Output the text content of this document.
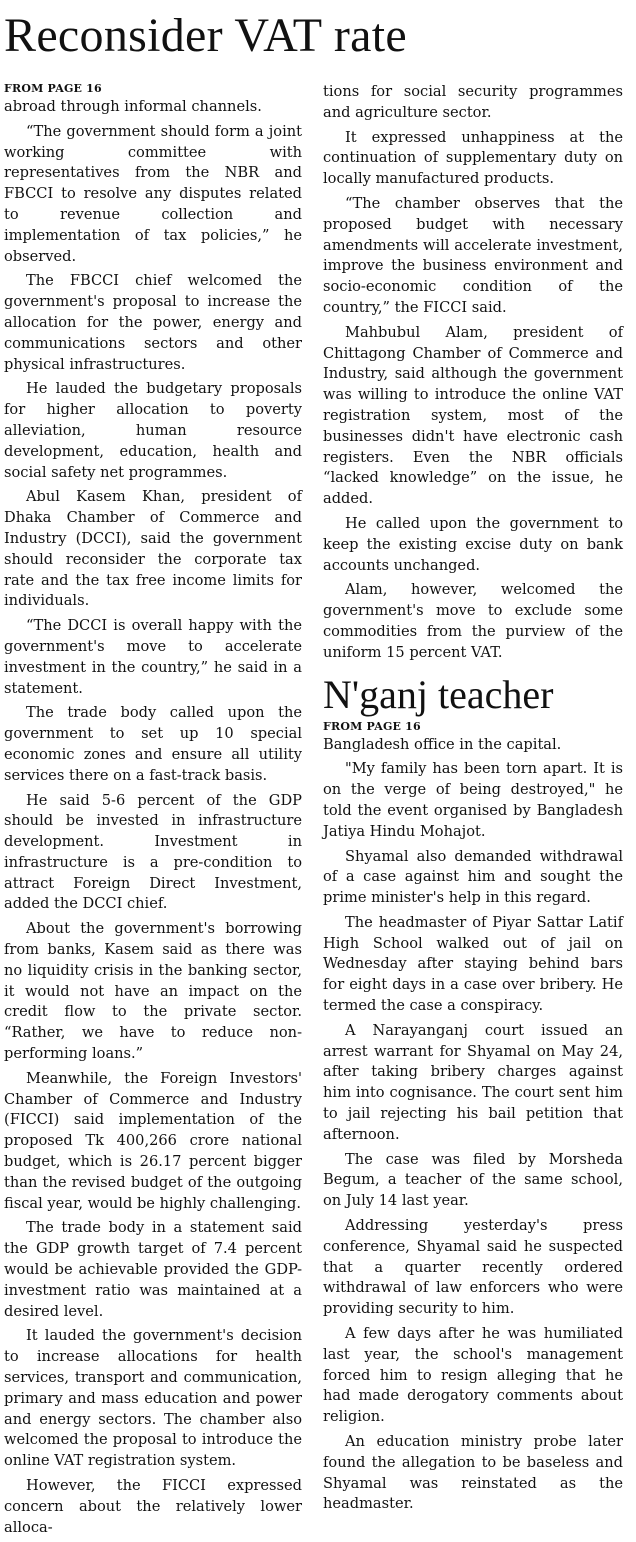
Reconsider VAT rate
FROM PAGE 16

abroad through informal channels.

“The government should form a joint working committee with representatives from the NBR and FBCCI to resolve any disputes related to revenue collection and implementation of tax policies,” he observed.

The FBCCI chief welcomed the government's proposal to increase the allocation for the power, energy and communications sectors and other physical infrastructures.

He lauded the budgetary proposals for higher allocation to poverty alleviation, human resource development, education, health and social safety net programmes.

Abul Kasem Khan, president of Dhaka Chamber of Commerce and Industry (DCCI), said the government should reconsider the corporate tax rate and the tax free income limits for individuals.

“The DCCI is overall happy with the government's move to accelerate investment in the country,” he said in a statement.

The trade body called upon the government to set up 10 special economic zones and ensure all utility services there on a fast-track basis.

He said 5-6 percent of the GDP should be invested in infrastructure development. Investment in infrastructure is a pre-condition to attract Foreign Direct Investment, added the DCCI chief.

About the government's borrowing from banks, Kasem said as there was no liquidity crisis in the banking sector, it would not have an impact on the credit flow to the private sector. “Rather, we have to reduce non-performing loans.”

Meanwhile, the Foreign Investors' Chamber of Commerce and Industry (FICCI) said implementation of the proposed Tk 400,266 crore national budget, which is 26.17 percent bigger than the revised budget of the outgoing fiscal year, would be highly challenging.

The trade body in a statement said the GDP growth target of 7.4 percent would be achievable provided the GDP-investment ratio was maintained at a desired level.

It lauded the government's decision to increase allocations for health services, transport and communication, primary and mass education and power and energy sectors. The chamber also welcomed the proposal to introduce the online VAT registration system.

However, the FICCI expressed concern about the relatively lower alloca-

tions for social security programmes and agriculture sector.

It expressed unhappiness at the continuation of supplementary duty on locally manufactured products.

“The chamber observes that the proposed budget with necessary amendments will accelerate investment, improve the business environment and socio-economic condition of the country,” the FICCI said.

Mahbubul Alam, president of Chittagong Chamber of Commerce and Industry, said although the government was willing to introduce the online VAT registration system, most of the businesses didn't have electronic cash registers. Even the NBR officials “lacked knowledge” on the issue, he added.

He called upon the government to keep the existing excise duty on bank accounts unchanged.

Alam, however, welcomed the government's move to exclude some commodities from the purview of the uniform 15 percent VAT.

N'ganj teacher
FROM PAGE 16

Bangladesh office in the capital.

"My family has been torn apart. It is on the verge of being destroyed," he told the event organised by Bangladesh Jatiya Hindu Mohajot.

Shyamal also demanded withdrawal of a case against him and sought the prime minister's help in this regard.

The headmaster of Piyar Sattar Latif High School walked out of jail on Wednesday after staying behind bars for eight days in a case over bribery. He termed the case a conspiracy.

A Narayanganj court issued an arrest warrant for Shyamal on May 24, after taking bribery charges against him into cognisance. The court sent him to jail rejecting his bail petition that afternoon.

The case was filed by Morsheda Begum, a teacher of the same school, on July 14 last year.

Addressing yesterday's press conference, Shyamal said he suspected that a quarter recently ordered withdrawal of law enforcers who were providing security to him.

A few days after he was humiliated last year, the school's management forced him to resign alleging that he had made derogatory comments about religion.

An education ministry probe later found the allegation to be baseless and Shyamal was reinstated as the headmaster.
